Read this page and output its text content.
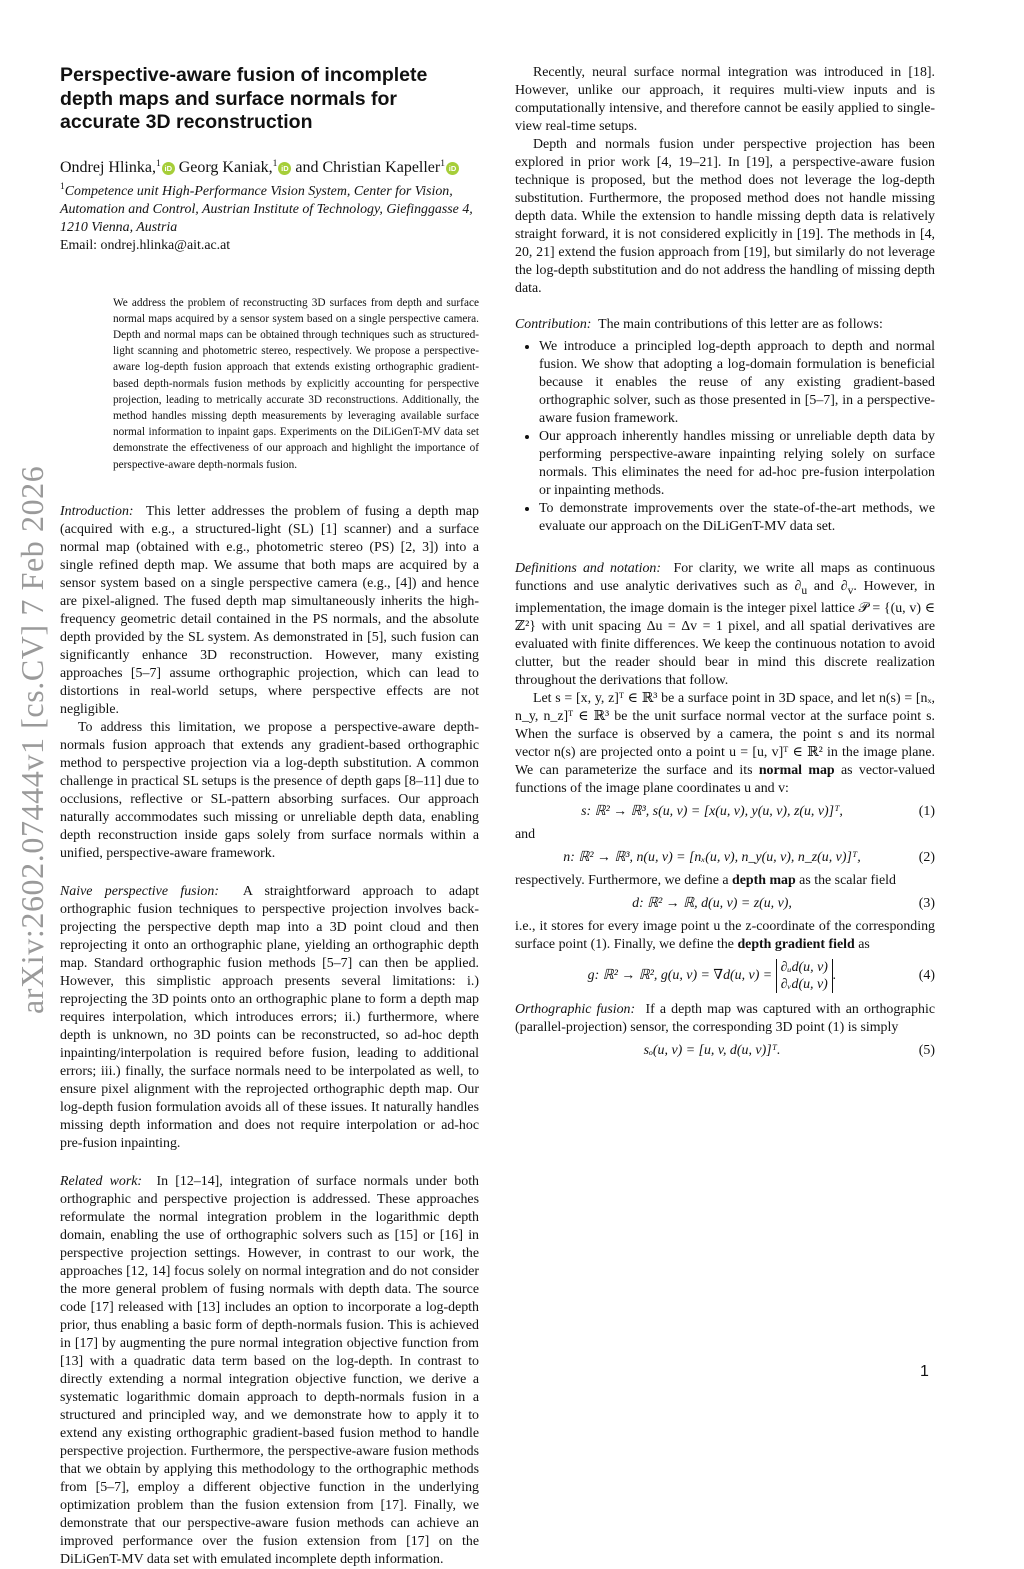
arXiv:2602.07444v1 [cs.CV] 7 Feb 2026
Perspective-aware fusion of incomplete depth maps and surface normals for accurate 3D reconstruction
Ondrej Hlinka,$^1$ iD Georg Kaniak,$^1$ iD and Christian Kapeller$^1$ iD

$^1$Competence unit High-Performance Vision System, Center for Vision, Automation and Control, Austrian Institute of Technology, Giefinggasse 4, 1210 Vienna, Austria

Email: ondrej.hlinka@ait.ac.at

We address the problem of reconstructing 3D surfaces from depth and surface normal maps acquired by a sensor system based on a single perspective camera. Depth and normal maps can be obtained through techniques such as structured-light scanning and photometric stereo, respectively. We propose a perspective-aware log-depth fusion approach that extends existing orthographic gradient-based depth-normals fusion methods by explicitly accounting for perspective projection, leading to metrically accurate 3D reconstructions. Additionally, the method handles missing depth measurements by leveraging available surface normal information to inpaint gaps. Experiments on the DiLiGenT-MV data set demonstrate the effectiveness of our approach and highlight the importance of perspective-aware depth-normals fusion.

Introduction: This letter addresses the problem of fusing a depth map (acquired with e.g., a structured-light (SL) [1] scanner) and a surface normal map (obtained with e.g., photometric stereo (PS) [2, 3]) into a single refined depth map. We assume that both maps are acquired by a sensor system based on a single perspective camera (e.g., [4]) and hence are pixel-aligned. The fused depth map simultaneously inherits the high-frequency geometric detail contained in the PS normals, and the absolute depth provided by the SL system. As demonstrated in [5], such fusion can significantly enhance 3D reconstruction. However, many existing approaches [5–7] assume orthographic projection, which can lead to distortions in real-world setups, where perspective effects are not negligible.

To address this limitation, we propose a perspective-aware depth-normals fusion approach that extends any gradient-based orthographic method to perspective projection via a log-depth substitution. A common challenge in practical SL setups is the presence of depth gaps [8–11] due to occlusions, reflective or SL-pattern absorbing surfaces. Our approach naturally accommodates such missing or unreliable depth data, enabling depth reconstruction inside gaps solely from surface normals within a unified, perspective-aware framework.

Naive perspective fusion: A straightforward approach to adapt orthographic fusion techniques to perspective projection involves back-projecting the perspective depth map into a 3D point cloud and then reprojecting it onto an orthographic plane, yielding an orthographic depth map. Standard orthographic fusion methods [5–7] can then be applied. However, this simplistic approach presents several limitations: i.) reprojecting the 3D points onto an orthographic plane to form a depth map requires interpolation, which introduces errors; ii.) furthermore, where depth is unknown, no 3D points can be reconstructed, so ad-hoc depth inpainting/interpolation is required before fusion, leading to additional errors; iii.) finally, the surface normals need to be interpolated as well, to ensure pixel alignment with the reprojected orthographic depth map. Our log-depth fusion formulation avoids all of these issues. It naturally handles missing depth information and does not require interpolation or ad-hoc pre-fusion inpainting.

Related work: In [12–14], integration of surface normals under both orthographic and perspective projection is addressed. These approaches reformulate the normal integration problem in the logarithmic depth domain, enabling the use of orthographic solvers such as [15] or [16] in perspective projection settings. However, in contrast to our work, the approaches [12, 14] focus solely on normal integration and do not consider the more general problem of fusing normals with depth data. The source code [17] released with [13] includes an option to incorporate a log-depth prior, thus enabling a basic form of depth-normals fusion. This is achieved in [17] by augmenting the pure normal integration objective function from [13] with a quadratic data term based on the log-depth. In contrast to directly extending a normal integration objective function, we derive a systematic logarithmic domain approach to depth-normals fusion in a structured and principled way, and we demonstrate how to apply it to extend any existing orthographic gradient-based fusion method to handle perspective projection. Furthermore, the perspective-aware fusion methods that we obtain by applying this methodology to the orthographic methods from [5–7], employ a different objective function in the underlying optimization problem than the fusion extension from [17]. Finally, we demonstrate that our perspective-aware fusion methods can achieve an improved performance over the fusion extension from [17] on the DiLiGenT-MV data set with emulated incomplete depth information.

Recently, neural surface normal integration was introduced in [18]. However, unlike our approach, it requires multi-view inputs and is computationally intensive, and therefore cannot be easily applied to single-view real-time setups.

Depth and normals fusion under perspective projection has been explored in prior work [4, 19–21]. In [19], a perspective-aware fusion technique is proposed, but the method does not leverage the log-depth substitution. Furthermore, the proposed method does not handle missing depth data. While the extension to handle missing depth data is relatively straight forward, it is not considered explicitly in [19]. The methods in [4, 20, 21] extend the fusion approach from [19], but similarly do not leverage the log-depth substitution and do not address the handling of missing depth data.

Contribution: The main contributions of this letter are as follows:

• We introduce a principled log-depth approach to depth and normal fusion. We show that adopting a log-domain formulation is beneficial because it enables the reuse of any existing gradient-based orthographic solver, such as those presented in [5–7], in a perspective-aware fusion framework.
• Our approach inherently handles missing or unreliable depth data by performing perspective-aware inpainting relying solely on surface normals. This eliminates the need for ad-hoc pre-fusion interpolation or inpainting methods.
• To demonstrate improvements over the state-of-the-art methods, we evaluate our approach on the DiLiGenT-MV data set.

Definitions and notation: For clarity, we write all maps as continuous functions and use analytic derivatives such as $\partial_u$ and $\partial_v$. However, in implementation, the image domain is the integer pixel lattice 𝒫 = {(u, v) ∈ ℤ²} with unit spacing Δu = Δv = 1 pixel, and all spatial derivatives are evaluated with finite differences. We keep the continuous notation to avoid clutter, but the reader should bear in mind this discrete realization throughout the derivations that follow.

Let s = [x, y, z]ᵀ ∈ ℝ³ be a surface point in 3D space, and let n(s) = [nₓ, n_y, n_z]ᵀ ∈ ℝ³ be the unit surface normal vector at the surface point s. When the surface is observed by a camera, the point s and its normal vector n(s) are projected onto a point u = [u, v]ᵀ ∈ ℝ² in the image plane. We can parameterize the surface and its normal map as vector-valued functions of the image plane coordinates u and v:

s: ℝ² → ℝ³, s(u, v) = [x(u, v), y(u, v), z(u, v)]ᵀ,	(1)

and

n: ℝ² → ℝ³, n(u, v) = [nₓ(u, v), n_y(u, v), n_z(u, v)]ᵀ,	(2)

respectively. Furthermore, we define a depth map as the scalar field

d: ℝ² → ℝ, d(u, v) = z(u, v),	(3)

i.e., it stores for every image point u the z-coordinate of the corresponding surface point (1). Finally, we define the depth gradient field as

g: ℝ² → ℝ², g(u, v) = ∇d(u, v) = ∂ᵤd(u, v)
∂ᵥd(u, v).	(4)

Orthographic fusion: If a depth map was captured with an orthographic (parallel-projection) sensor, the corresponding 3D point (1) is simply

sₒ(u, v) = [u, v, d(u, v)]ᵀ.	(5)
1
